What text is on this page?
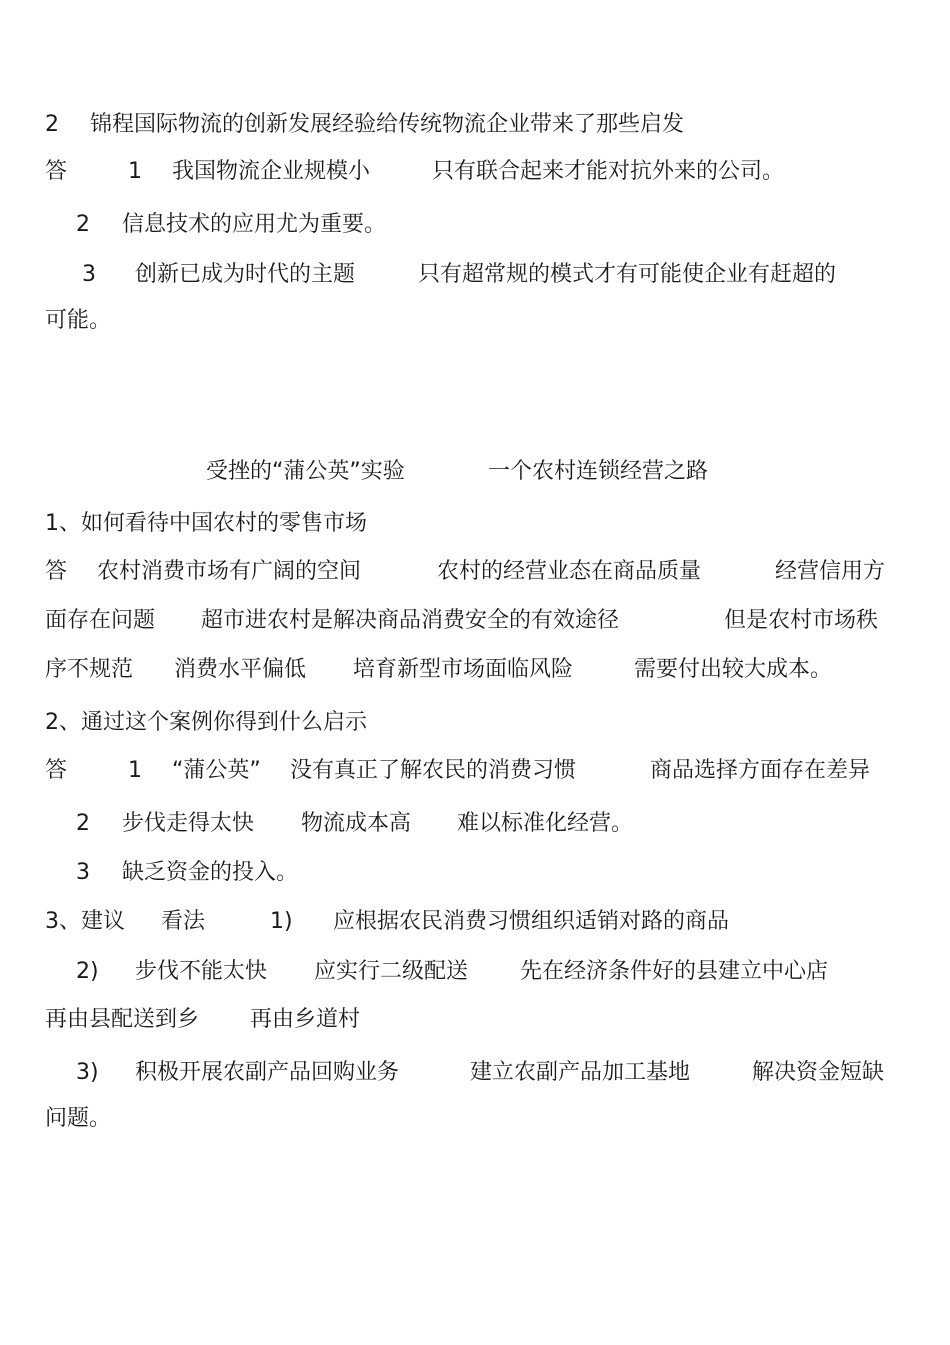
2 锦程国际物流的创新发展经验给传统物流企业带来了那些启发
答	1 我国物流企业规模小	只有联合起来才能对抗外来的公司。
2 信息技术的应用尤为重要。
3 创新已成为时代的主题	只有超常规的模式才有可能使企业有赶超的
可能。
受挫的“蒲公英”实验	一个农村连锁经营之路
1、如何看待中国农村的零售市场
答 农村消费市场有广阔的空间	农村的经营业态在商品质量	经营信用方
面存在问题 超市进农村是解决商品消费安全的有效途径	但是农村市场秩
序不规范 消费水平偏低 培育新型市场面临风险	需要付出较大成本。
2、通过这个案例你得到什么启示
答	1 “蒲公英” 没有真正了解农民的消费习惯	商品选择方面存在差异
2 步伐走得太快 物流成本高 难以标准化经营。
3 缺乏资金的投入。
3、建议 看法	1) 应根据农民消费习惯组织适销对路的商品
2) 步伐不能太快 应实行二级配送 先在经济条件好的县建立中心店
再由县配送到乡 再由乡道村
3) 积极开展农副产品回购业务	建立农副产品加工基地	解决资金短缺
问题。
